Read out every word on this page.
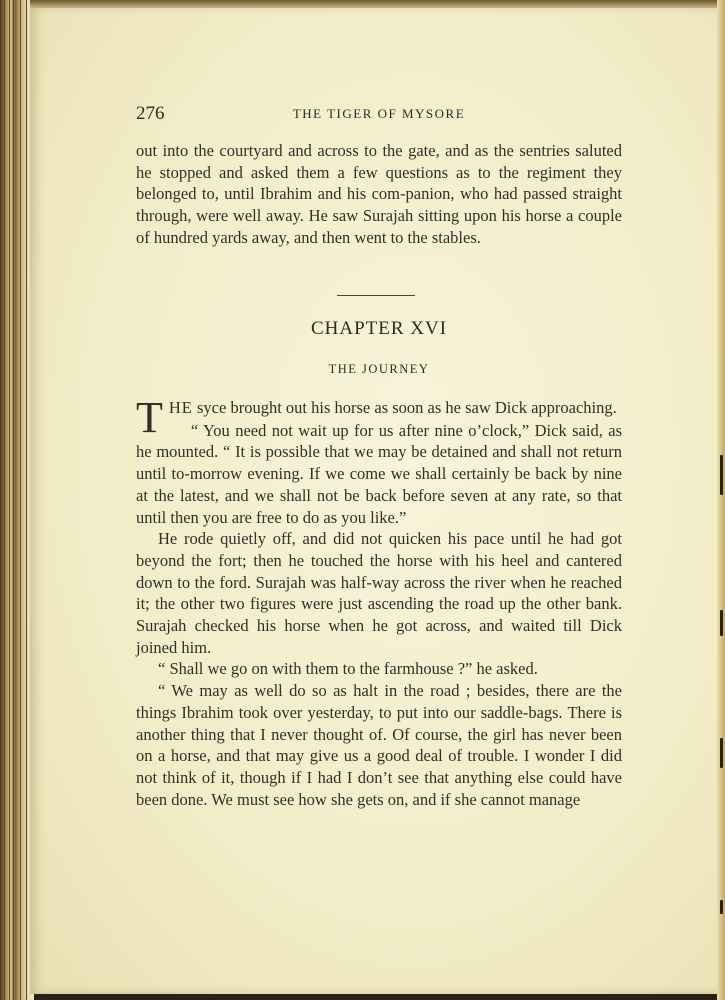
276	THE TIGER OF MYSORE

out into the courtyard and across to the gate, and as the sentries saluted he stopped and asked them a few questions as to the regiment they belonged to, until Ibrahim and his com-panion, who had passed straight through, were well away. He saw Surajah sitting upon his horse a couple of hundred yards away, and then went to the stables.

CHAPTER XVI
THE JOURNEY

THE syce brought out his horse as soon as he saw Dick approaching.

“ You need not wait up for us after nine o’clock,” Dick said, as he mounted. “ It is possible that we may be detained and shall not return until to-morrow evening. If we come we shall certainly be back by nine at the latest, and we shall not be back before seven at any rate, so that until then you are free to do as you like.”

He rode quietly off, and did not quicken his pace until he had got beyond the fort; then he touched the horse with his heel and cantered down to the ford. Surajah was half-way across the river when he reached it; the other two figures were just ascending the road up the other bank. Surajah checked his horse when he got across, and waited till Dick joined him.

“ Shall we go on with them to the farmhouse ?” he asked.

“ We may as well do so as halt in the road ; besides, there are the things Ibrahim took over yesterday, to put into our saddle-bags. There is another thing that I never thought of. Of course, the girl has never been on a horse, and that may give us a good deal of trouble. I wonder I did not think of it, though if I had I don’t see that anything else could have been done. We must see how she gets on, and if she cannot manage
